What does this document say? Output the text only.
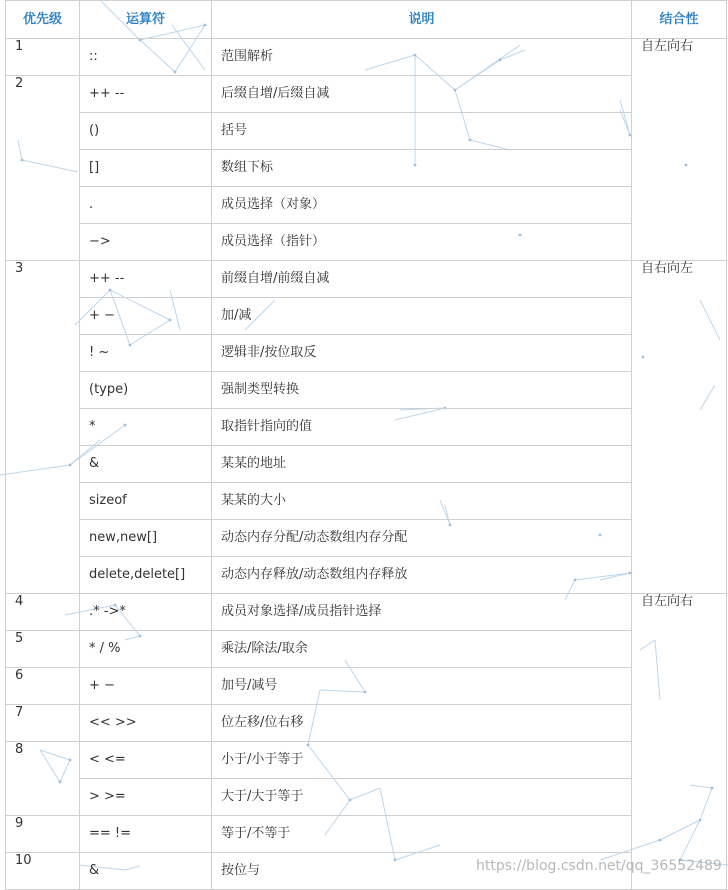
优先级	运算符	说明	结合性
1	::	范围解析	自左向右
2	++ --	后缀自增/后缀自减	
	()	括号	
	[]	数组下标	
	.	成员选择（对象）	
	−>	成员选择（指针）	
3	++ --	前缀自增/前缀自减	自右向左
	+ −	加/减	
	! ~	逻辑非/按位取反	
	(type)	强制类型转换	
	*	取指针指向的值	
	&	某某的地址	
	sizeof	某某的大小	
	new,new[]	动态内存分配/动态数组内存分配	
	delete,delete[]	动态内存释放/动态数组内存释放	
4	.* ->*	成员对象选择/成员指针选择	自左向右
5	* / %	乘法/除法/取余	
6	+ −	加号/减号	
7	<< >>	位左移/位右移	
8	< <=	小于/小于等于	
	> >=	大于/大于等于	
9	== !=	等于/不等于	
10	&	按位与		https://blog.csdn.net/qq_36552489
